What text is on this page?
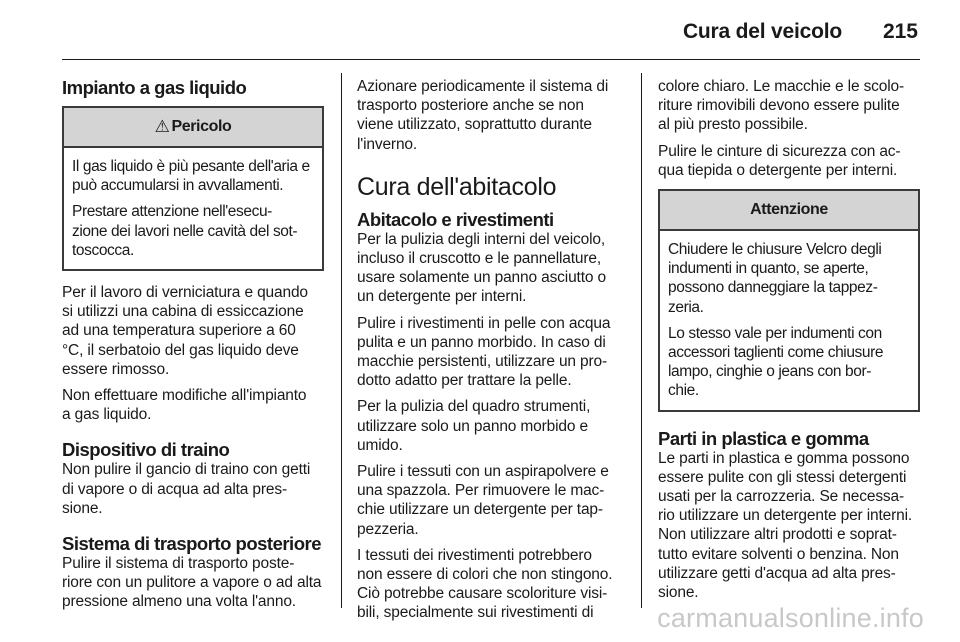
Cura del veicolo 215
Impianto a gas liquido
⚠ Pericolo

Il gas liquido è più pesante dell'aria e può accumularsi in avvallamenti.

Prestare attenzione nell'esecu-
zione dei lavori nelle cavità del sot-
toscocca.

Per il lavoro di verniciatura e quando
si utilizzi una cabina di essiccazione
ad una temperatura superiore a 60
°C, il serbatoio del gas liquido deve
essere rimosso.

Non effettuare modifiche all'impianto
a gas liquido.

Dispositivo di traino

Non pulire il gancio di traino con getti
di vapore o di acqua ad alta pres-
sione.

Sistema di trasporto posteriore

Pulire il sistema di trasporto poste-
riore con un pulitore a vapore o ad alta
pressione almeno una volta l'anno.

Azionare periodicamente il sistema di
trasporto posteriore anche se non
viene utilizzato, soprattutto durante
l'inverno.

Cura dell'abitacolo
Abitacolo e rivestimenti

Per la pulizia degli interni del veicolo,
incluso il cruscotto e le pannellature,
usare solamente un panno asciutto o
un detergente per interni.

Pulire i rivestimenti in pelle con acqua
pulita e un panno morbido. In caso di
macchie persistenti, utilizzare un pro-
dotto adatto per trattare la pelle.

Per la pulizia del quadro strumenti,
utilizzare solo un panno morbido e
umido.

Pulire i tessuti con un aspirapolvere e
una spazzola. Per rimuovere le mac-
chie utilizzare un detergente per tap-
pezzeria.

I tessuti dei rivestimenti potrebbero
non essere di colori che non stingono.
Ciò potrebbe causare scoloriture visi-
bili, specialmente sui rivestimenti di

colore chiaro. Le macchie e le scolo-
riture rimovibili devono essere pulite
al più presto possibile.

Pulire le cinture di sicurezza con ac-
qua tiepida o detergente per interni.

Attenzione

Chiudere le chiusure Velcro degli
indumenti in quanto, se aperte,
possono danneggiare la tappez-
zeria.

Lo stesso vale per indumenti con
accessori taglienti come chiusure
lampo, cinghie o jeans con bor-
chie.

Parti in plastica e gomma

Le parti in plastica e gomma possono
essere pulite con gli stessi detergenti
usati per la carrozzeria. Se necessa-
rio utilizzare un detergente per interni.
Non utilizzare altri prodotti e soprat-
tutto evitare solventi o benzina. Non
utilizzare getti d'acqua ad alta pres-
sione.

carmanualsonline.info
